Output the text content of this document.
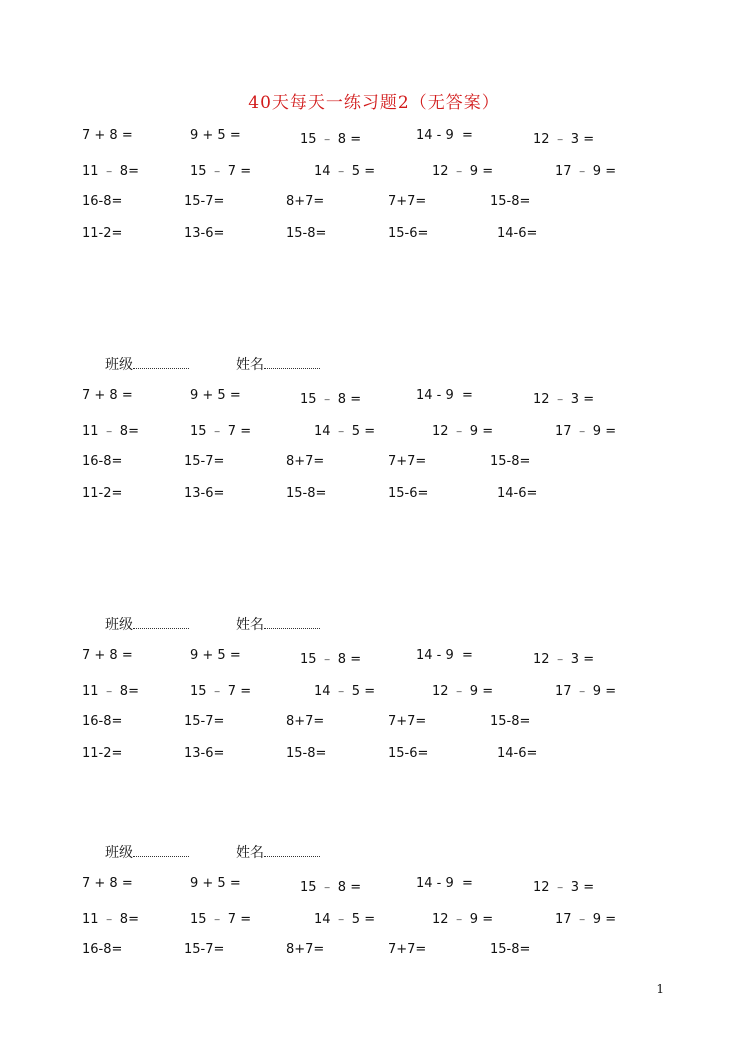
40天每天一练习题2（无答案）
7 + 8 =	9 + 5 =	15 ﹣ 8 =	14 - 9  =	12 ﹣ 3 =
11 ﹣ 8=	15 ﹣ 7 =	14 ﹣ 5 =	12 ﹣ 9 =	17 ﹣ 9 =
16-8=	15-7=	8+7=	7+7=	15-8=
11-2=	13-6=	15-8=	15-6=	14-6=
班级	姓名
7 + 8 =	9 + 5 =	15 ﹣ 8 =	14 - 9  =	12 ﹣ 3 =
11 ﹣ 8=	15 ﹣ 7 =	14 ﹣ 5 =	12 ﹣ 9 =	17 ﹣ 9 =
16-8=	15-7=	8+7=	7+7=	15-8=
11-2=	13-6=	15-8=	15-6=	14-6=
班级	姓名
7 + 8 =	9 + 5 =	15 ﹣ 8 =	14 - 9  =	12 ﹣ 3 =
11 ﹣ 8=	15 ﹣ 7 =	14 ﹣ 5 =	12 ﹣ 9 =	17 ﹣ 9 =
16-8=	15-7=	8+7=	7+7=	15-8=
11-2=	13-6=	15-8=	15-6=	14-6=
班级	姓名
7 + 8 =	9 + 5 =	15 ﹣ 8 =	14 - 9  =	12 ﹣ 3 =
11 ﹣ 8=	15 ﹣ 7 =	14 ﹣ 5 =	12 ﹣ 9 =	17 ﹣ 9 =
16-8=	15-7=	8+7=	7+7=	15-8=
1
